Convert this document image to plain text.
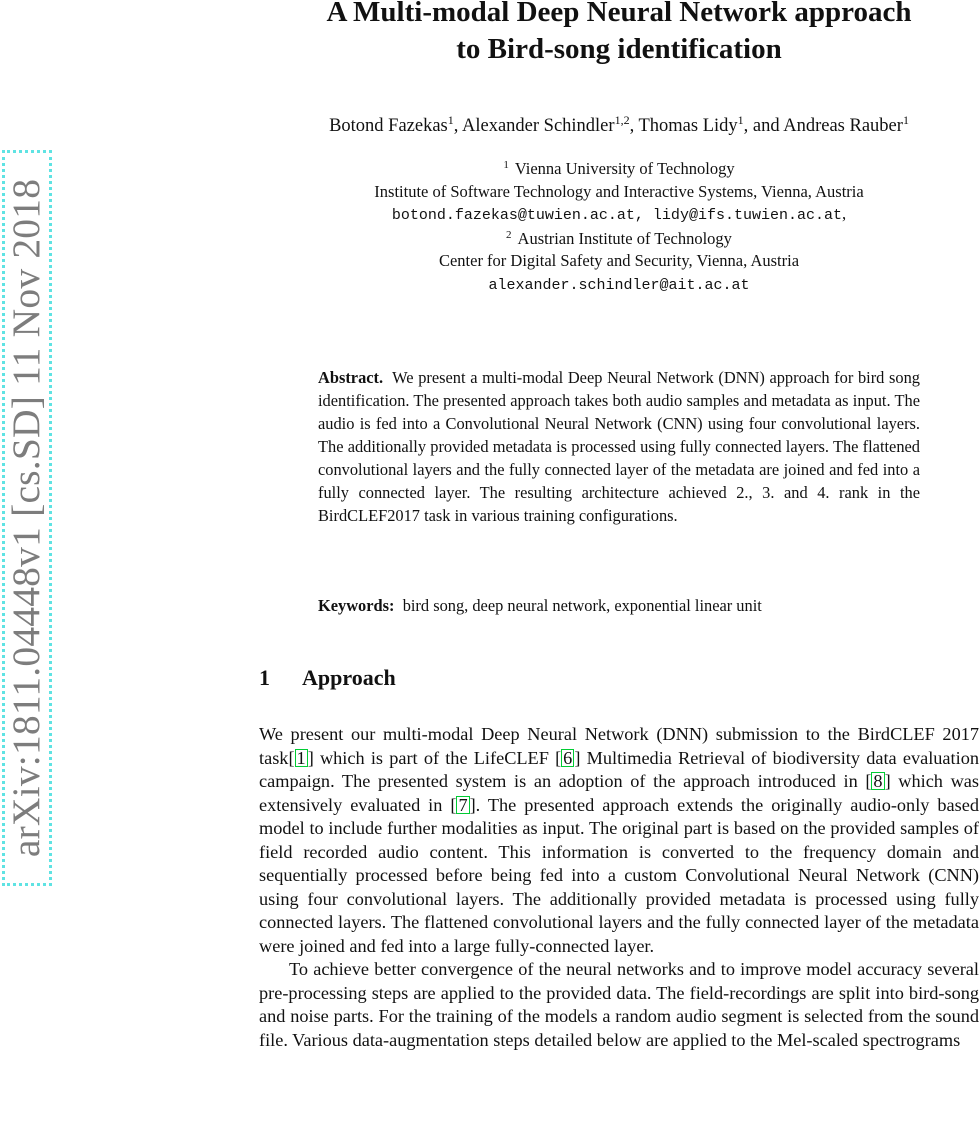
arXiv:1811.04448v1 [cs.SD] 11 Nov 2018
A Multi-modal Deep Neural Network approach
to Bird-song identification
Botond Fazekas$^1$, Alexander Schindler$^{1,2}$, Thomas Lidy$^1$, and Andreas Rauber$^1$
$^1$ Vienna University of Technology
Institute of Software Technology and Interactive Systems, Vienna, Austria
botond.fazekas@tuwien.ac.at, lidy@ifs.tuwien.ac.at,
$^2$ Austrian Institute of Technology
Center for Digital Safety and Security, Vienna, Austria
alexander.schindler@ait.ac.at

Abstract. We present a multi-modal Deep Neural Network (DNN) approach for bird song identification. The presented approach takes both audio samples and metadata as input. The audio is fed into a Convolutional Neural Network (CNN) using four convolutional layers. The additionally provided metadata is processed using fully connected layers. The flattened convolutional layers and the fully connected layer of the metadata are joined and fed into a fully connected layer. The resulting architecture achieved 2., 3. and 4. rank in the BirdCLEF2017 task in various training configurations.

Keywords: bird song, deep neural network, exponential linear unit

1 Approach

We present our multi-modal Deep Neural Network (DNN) submission to the BirdCLEF 2017 task[ 1 ] which is part of the LifeCLEF [ 6 ] Multimedia Retrieval of biodiversity data evaluation campaign. The presented system is an adoption of the approach introduced in [ 8 ] which was extensively evaluated in [ 7 ]. The presented approach extends the originally audio-only based model to include further modalities as input. The original part is based on the provided samples of field recorded audio content. This information is converted to the frequency domain and sequentially processed before being fed into a custom Convolutional Neural Network (CNN) using four convolutional layers. The additionally provided metadata is processed using fully connected layers. The flattened convolutional layers and the fully connected layer of the metadata were joined and fed into a large fully-connected layer.

To achieve better convergence of the neural networks and to improve model accuracy several pre-processing steps are applied to the provided data. The field-recordings are split into bird-song and noise parts. For the training of the models a random audio segment is selected from the sound file. Various data-augmentation steps detailed below are applied to the Mel-scaled spectrograms
